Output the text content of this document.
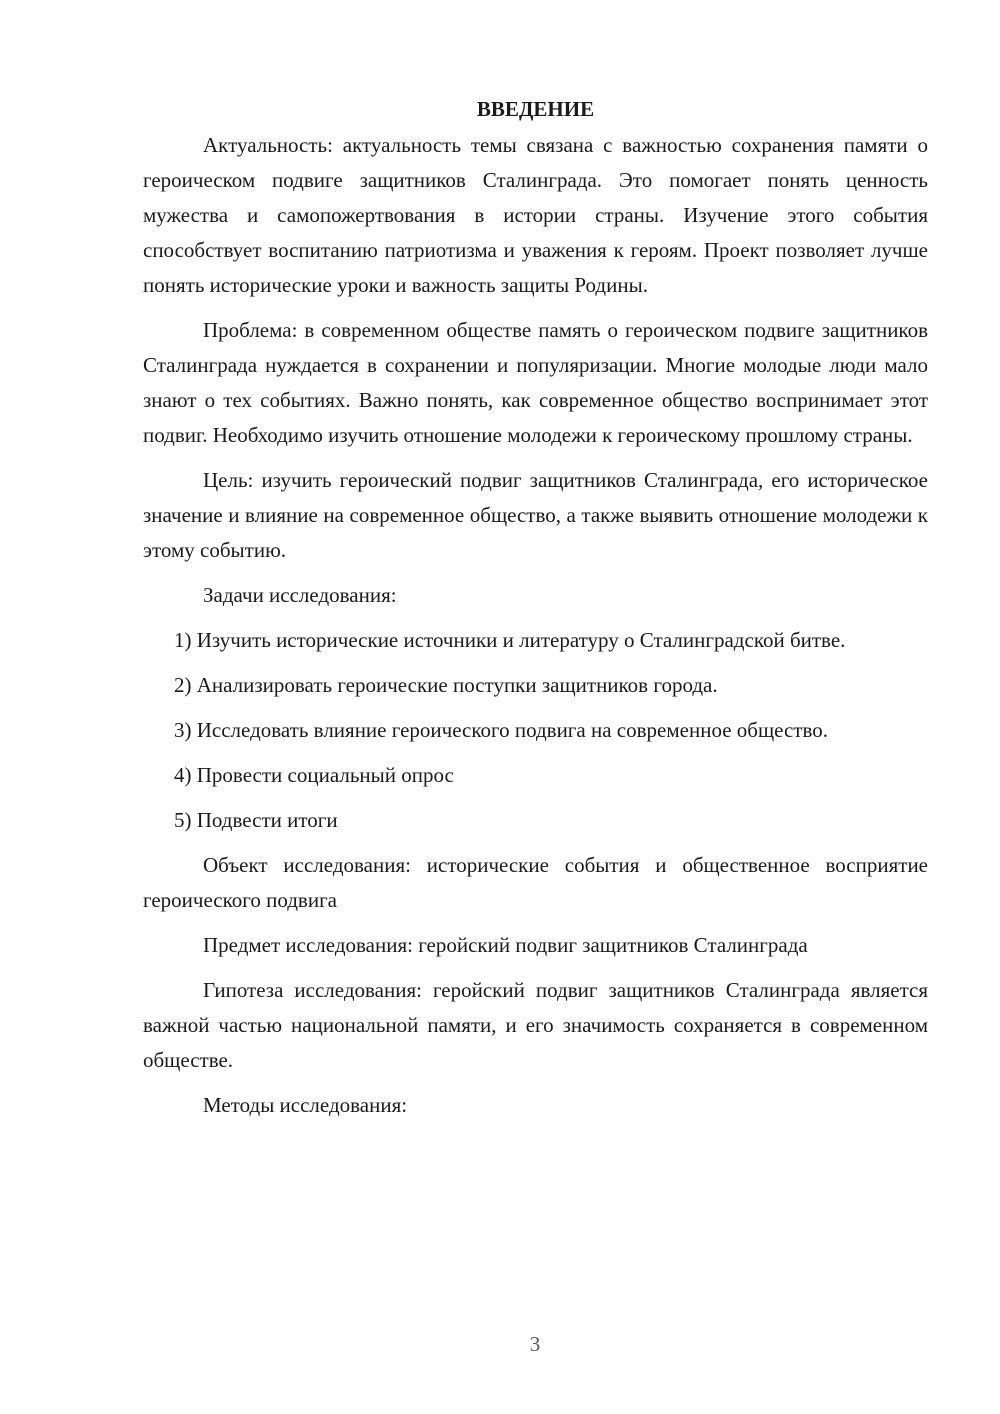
ВВЕДЕНИЕ

Актуальность: актуальность темы связана с важностью сохранения памяти о героическом подвиге защитников Сталинграда. Это помогает понять ценность мужества и самопожертвования в истории страны. Изучение этого события способствует воспитанию патриотизма и уважения к героям. Проект позволяет лучше понять исторические уроки и важность защиты Родины.

Проблема: в современном обществе память о героическом подвиге защитников Сталинграда нуждается в сохранении и популяризации. Многие молодые люди мало знают о тех событиях. Важно понять, как современное общество воспринимает этот подвиг. Необходимо изучить отношение молодежи к героическому прошлому страны.

Цель: изучить героический подвиг защитников Сталинграда, его историческое значение и влияние на современное общество, а также выявить отношение молодежи к этому событию.

Задачи исследования:

1) Изучить исторические источники и литературу о Сталинградской битве.

2) Анализировать героические поступки защитников города.

3) Исследовать влияние героического подвига на современное общество.

4) Провести социальный опрос

5) Подвести итоги

Объект исследования: исторические события и общественное восприятие героического подвига

Предмет исследования: геройский подвиг защитников Сталинграда

Гипотеза исследования: геройский подвиг защитников Сталинграда является важной частью национальной памяти, и его значимость сохраняется в современном обществе.

Методы исследования:

3
